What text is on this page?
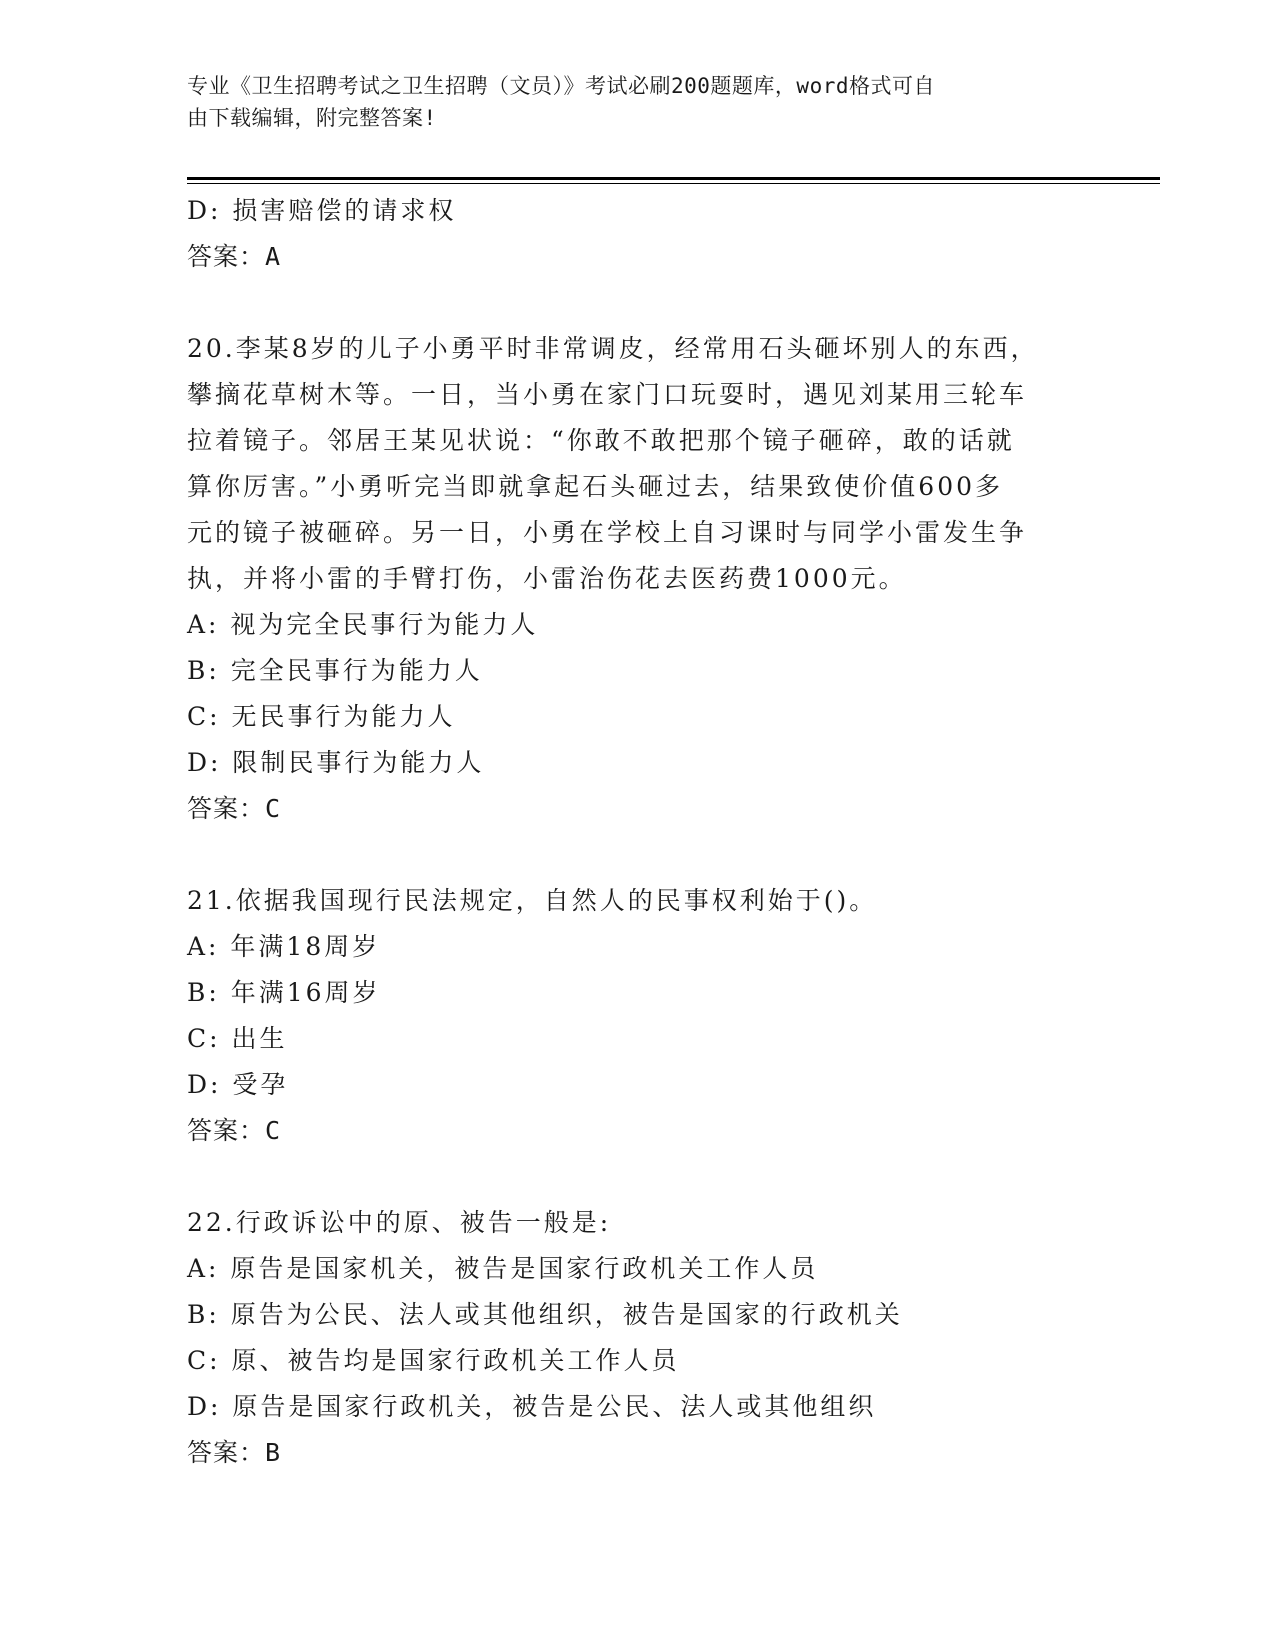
专业《卫生招聘考试之卫生招聘（文员）》考试必刷200题题库，word格式可自
由下载编辑，附完整答案!
D: 损害赔偿的请求权
答案：A
20.李某8岁的儿子小勇平时非常调皮，经常用石头砸坏别人的东西，
攀摘花草树木等。一日，当小勇在家门口玩耍时，遇见刘某用三轮车
拉着镜子。邻居王某见状说：“你敢不敢把那个镜子砸碎，敢的话就
算你厉害。”小勇听完当即就拿起石头砸过去，结果致使价值600多
元的镜子被砸碎。另一日，小勇在学校上自习课时与同学小雷发生争
执，并将小雷的手臂打伤，小雷治伤花去医药费1000元。
A: 视为完全民事行为能力人
B: 完全民事行为能力人
C: 无民事行为能力人
D: 限制民事行为能力人
答案：C
21.依据我国现行民法规定，自然人的民事权利始于()。
A: 年满18周岁
B: 年满16周岁
C: 出生
D: 受孕
答案：C
22.行政诉讼中的原、被告一般是:
A: 原告是国家机关，被告是国家行政机关工作人员
B: 原告为公民、法人或其他组织，被告是国家的行政机关
C: 原、被告均是国家行政机关工作人员
D: 原告是国家行政机关，被告是公民、法人或其他组织
答案：B
